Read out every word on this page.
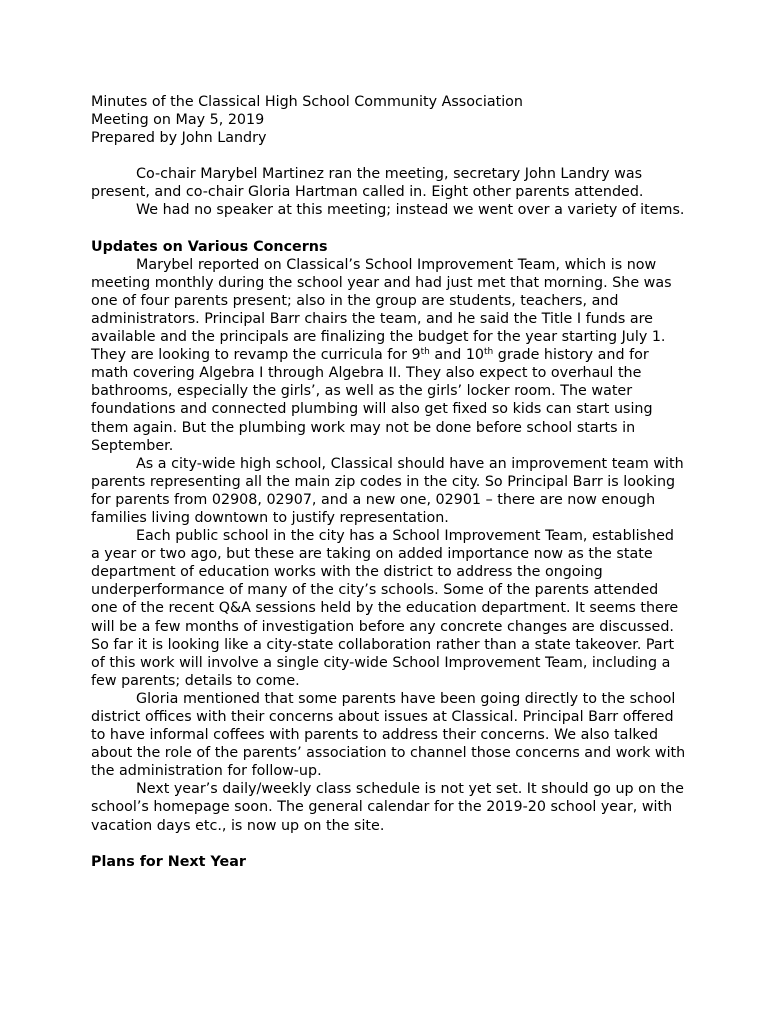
Minutes of the Classical High School Community Association
Meeting on May 5, 2019
Prepared by John Landry

Co-chair Marybel Martinez ran the meeting, secretary John Landry was present, and co-chair Gloria Hartman called in. Eight other parents attended.

We had no speaker at this meeting; instead we went over a variety of items.

Updates on Various Concerns

Marybel reported on Classical’s School Improvement Team, which is now meeting monthly during the school year and had just met that morning. She was one of four parents present; also in the group are students, teachers, and administrators. Principal Barr chairs the team, and he said the Title I funds are available and the principals are finalizing the budget for the year starting July 1. They are looking to revamp the curricula for 9th and 10th grade history and for math covering Algebra I through Algebra II. They also expect to overhaul the bathrooms, especially the girls’, as well as the girls’ locker room. The water foundations and connected plumbing will also get fixed so kids can start using them again. But the plumbing work may not be done before school starts in September.

As a city-wide high school, Classical should have an improvement team with parents representing all the main zip codes in the city. So Principal Barr is looking for parents from 02908, 02907, and a new one, 02901 – there are now enough families living downtown to justify representation.

Each public school in the city has a School Improvement Team, established a year or two ago, but these are taking on added importance now as the state department of education works with the district to address the ongoing underperformance of many of the city’s schools. Some of the parents attended one of the recent Q&A sessions held by the education department. It seems there will be a few months of investigation before any concrete changes are discussed. So far it is looking like a city-state collaboration rather than a state takeover. Part of this work will involve a single city-wide School Improvement Team, including a few parents; details to come.

Gloria mentioned that some parents have been going directly to the school district offices with their concerns about issues at Classical. Principal Barr offered to have informal coffees with parents to address their concerns. We also talked about the role of the parents’ association to channel those concerns and work with the administration for follow-up.

Next year’s daily/weekly class schedule is not yet set. It should go up on the school’s homepage soon. The general calendar for the 2019-20 school year, with vacation days etc., is now up on the site.

Plans for Next Year
